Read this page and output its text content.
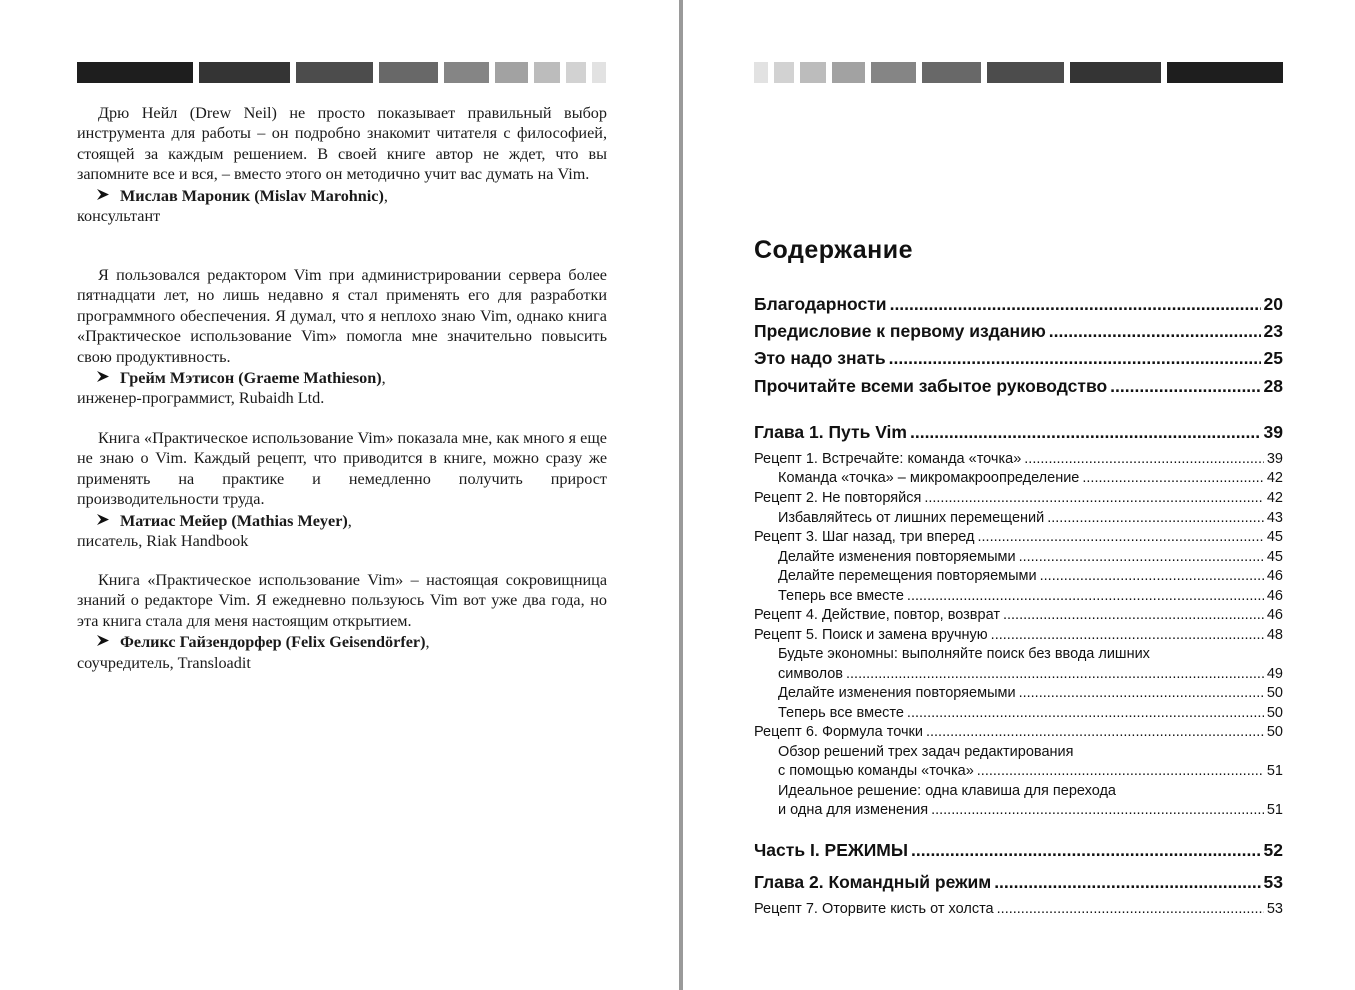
Дрю Нейл (Drew Neil) не просто показывает правильный выбор инструмента для работы – он подробно знакомит читателя с философией, стоящей за каждым решением. В своей книге автор не ждет, что вы запомните все и вся, – вместо этого он методично учит вас думать на Vim.

Мислав Мароник (Mislav Marohnic),
консультант

Я пользовался редактором Vim при администрировании сервера более пятнадцати лет, но лишь недавно я стал применять его для разработки программного обеспечения. Я думал, что я неплохо знаю Vim, однако книга «Практическое использование Vim» помогла мне значительно повысить свою продуктивность.

Грейм Мэтисон (Graeme Mathieson),
инженер-программист, Rubaidh Ltd.

Книга «Практическое использование Vim» показала мне, как много я еще не знаю о Vim. Каждый рецепт, что приводится в книге, можно сразу же применять на практике и немедленно получить прирост производительности труда.

Матиас Мейер (Mathias Meyer),
писатель, Riak Handbook

Книга «Практическое использование Vim» – настоящая сокровищница знаний о редакторе Vim. Я ежедневно пользуюсь Vim вот уже два года, но эта книга стала для меня настоящим открытием.

Феликс Гайзендорфер (Felix Geisendörfer),
соучредитель, Transloadit
Содержание
Благодарности .....	20
Предисловие к первому изданию .....	23
Это надо знать .....	25
Прочитайте всеми забытое руководство .....	28
Глава 1. Путь Vim .....	39
Рецепт 1. Встречайте: команда «точка» .....	39
Команда «точка» – микромакроопределение .....	42
Рецепт 2. Не повторяйся .....	42
Избавляйтесь от лишних перемещений .....	43
Рецепт 3. Шаг назад, три вперед .....	45
Делайте изменения повторяемыми .....	45
Делайте перемещения повторяемыми .....	46
Теперь все вместе .....	46
Рецепт 4. Действие, повтор, возврат .....	46
Рецепт 5. Поиск и замена вручную .....	48
Будьте экономны: выполняйте поиск без ввода лишних
символов .....	49
Делайте изменения повторяемыми .....	50
Теперь все вместе .....	50
Рецепт 6. Формула точки .....	50
Обзор решений трех задач редактирования
с помощью команды «точка» .....	51
Идеальное решение: одна клавиша для перехода
и одна для изменения .....	51
Часть I. РЕЖИМЫ .....	52
Глава 2. Командный режим .....	53
Рецепт 7. Оторвите кисть от холста .....	53
